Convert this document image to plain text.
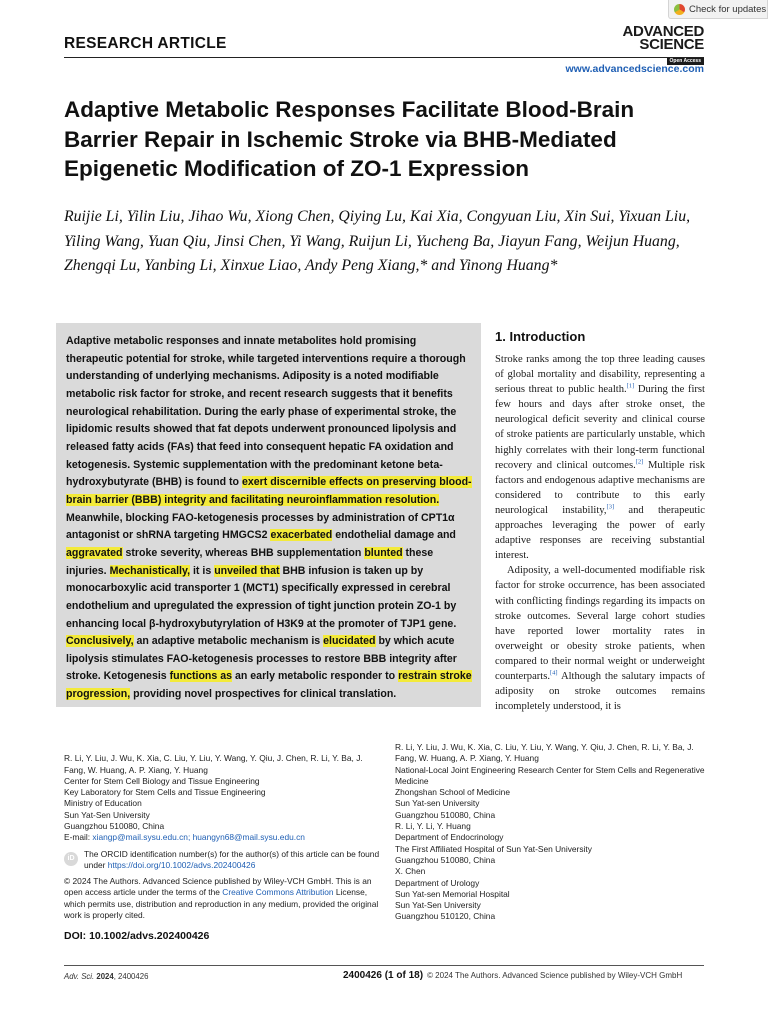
Check for updates
RESEARCH ARTICLE
ADVANCED
SCIENCE
Open Access
www.advancedscience.com
Adaptive Metabolic Responses Facilitate Blood-Brain Barrier Repair in Ischemic Stroke via BHB-Mediated Epigenetic Modification of ZO-1 Expression

Ruijie Li, Yilin Liu, Jihao Wu, Xiong Chen, Qiying Lu, Kai Xia, Congyuan Liu, Xin Sui, Yixuan Liu, Yiling Wang, Yuan Qiu, Jinsi Chen, Yi Wang, Ruijun Li, Yucheng Ba, Jiayun Fang, Weijun Huang, Zhengqi Lu, Yanbing Li, Xinxue Liao, Andy Peng Xiang,* and Yinong Huang*

Adaptive metabolic responses and innate metabolites hold promising therapeutic potential for stroke, while targeted interventions require a thorough understanding of underlying mechanisms. Adiposity is a noted modifiable metabolic risk factor for stroke, and recent research suggests that it benefits neurological rehabilitation. During the early phase of experimental stroke, the lipidomic results showed that fat depots underwent pronounced lipolysis and released fatty acids (FAs) that feed into consequent hepatic FA oxidation and ketogenesis. Systemic supplementation with the predominant ketone beta-hydroxybutyrate (BHB) is found to exert discernible effects on preserving blood-brain barrier (BBB) integrity and facilitating neuroinflammation resolution. Meanwhile, blocking FAO-ketogenesis processes by administration of CPT1α antagonist or shRNA targeting HMGCS2 exacerbated endothelial damage and aggravated stroke severity, whereas BHB supplementation blunted these injuries. Mechanistically, it is unveiled that BHB infusion is taken up by monocarboxylic acid transporter 1 (MCT1) specifically expressed in cerebral endothelium and upregulated the expression of tight junction protein ZO-1 by enhancing local β-hydroxybutyrylation of H3K9 at the promoter of TJP1 gene. Conclusively, an adaptive metabolic mechanism is elucidated by which acute lipolysis stimulates FAO-ketogenesis processes to restore BBB integrity after stroke. Ketogenesis functions as an early metabolic responder to restrain stroke progression, providing novel prospectives for clinical translation.

1. Introduction

Stroke ranks among the top three leading causes of global mortality and disability, representing a serious threat to public health.[1] During the first few hours and days after stroke onset, the neurological deficit severity and clinical course of stroke patients are particularly unstable, which highly correlates with their long-term functional recovery and clinical outcomes.[2] Multiple risk factors and endogenous adaptive mechanisms are considered to contribute to this early neurological instability,[3] and therapeutic approaches leveraging the power of early adaptive responses are receiving substantial interest.

Adiposity, a well-documented modifiable risk factor for stroke occurrence, has been associated with conflicting findings regarding its impacts on stroke outcomes. Several large cohort studies have reported lower mortality rates in overweight or obesity stroke patients, when compared to their normal weight or underweight counterparts.[4] Although the salutary impacts of adiposity on stroke outcomes remains incompletely understood, it is

R. Li, Y. Liu, J. Wu, K. Xia, C. Liu, Y. Liu, Y. Wang, Y. Qiu, J. Chen, R. Li, Y. Ba, J. Fang, W. Huang, A. P. Xiang, Y. Huang
Center for Stem Cell Biology and Tissue Engineering
Key Laboratory for Stem Cells and Tissue Engineering
Ministry of Education
Sun Yat-Sen University
Guangzhou 510080, China

E-mail: xiangp@mail.sysu.edu.cn; huangyn68@mail.sysu.edu.cn

R. Li, Y. Liu, J. Wu, K. Xia, C. Liu, Y. Liu, Y. Wang, Y. Qiu, J. Chen, R. Li, Y. Ba, J. Fang, W. Huang, A. P. Xiang, Y. Huang
National-Local Joint Engineering Research Center for Stem Cells and Regenerative Medicine
Zhongshan School of Medicine
Sun Yat-sen University
Guangzhou 510080, China
R. Li, Y. Li, Y. Huang
Department of Endocrinology
The First Affiliated Hospital of Sun Yat-Sen University
Guangzhou 510080, China
X. Chen
Department of Urology
Sun Yat-sen Memorial Hospital
Sun Yat-Sen University
Guangzhou 510120, China
iD	The ORCID identification number(s) for the author(s) of this article can be found under https://doi.org/10.1002/advs.202400426
© 2024 The Authors. Advanced Science published by Wiley-VCH GmbH. This is an open access article under the terms of the Creative Commons Attribution License, which permits use, distribution and reproduction in any medium, provided the original work is properly cited.
DOI: 10.1002/advs.202400426
Adv. Sci. 2024, 2400426	2400426 (1 of 18) © 2024 The Authors. Advanced Science published by Wiley-VCH GmbH
